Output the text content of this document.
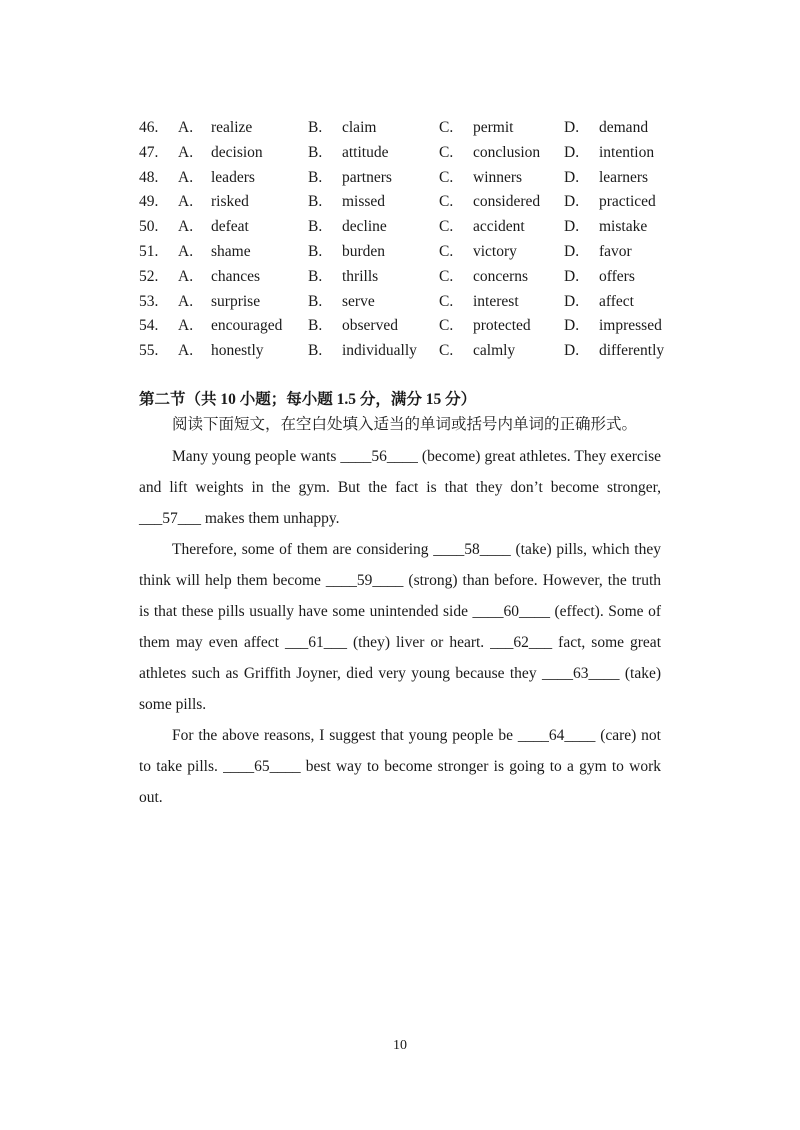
46. A. realize	B. claim	C. permit	D. demand
47. A. decision	B. attitude	C. conclusion D. intention
48. A. leaders	B. partners	C. winners	D. learners
49. A. risked	B. missed	C. considered D. practiced
50. A. defeat	B. decline	C. accident	D. mistake
51. A. shame	B. burden	C. victory	D. favor
52. A. chances	B. thrills	C. concerns D. offers
53. A. surprise	B. serve	C. interest	D. affect
54. A. encouraged B. observed	C. protected D. impressed
55. A. honestly	B. individually C. calmly	D. differently
第二节（共 10 小题；每小题 1.5 分，满分 15 分）
阅读下面短文，在空白处填入适当的单词或括号内单词的正确形式。

Many young people wants ____56____ (become) great athletes. They exercise and lift weights in the gym. But the fact is that they don’t become stronger, ___57___ makes them unhappy.

Therefore, some of them are considering ____58____ (take) pills, which they think will help them become ____59____ (strong) than before. However, the truth is that these pills usually have some unintended side ____60____ (effect). Some of them may even affect ___61___ (they) liver or heart. ___62___ fact, some great athletes such as Griffith Joyner, died very young because they ____63____ (take) some pills.

For the above reasons, I suggest that young people be ____64____ (care) not to take pills. ____65____ best way to become stronger is going to a gym to work out.

10
